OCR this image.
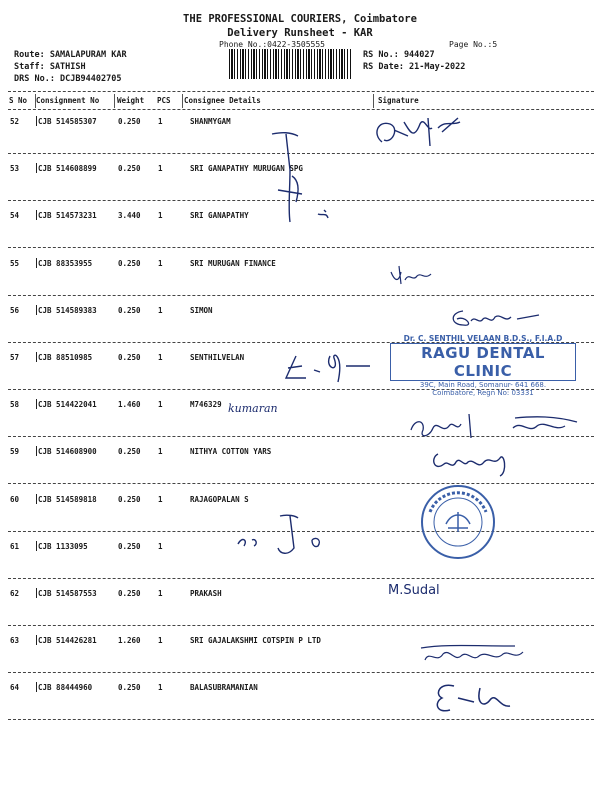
THE PROFESSIONAL COURIERS, Coimbatore
Delivery Runsheet - KAR
Phone No.:0422-3505555	Page No.:5
Route: SAMALAPURAM KAR
Staff: SATHISH
DRS No.: DCJB94402705
RS No.: 944027
RS Date: 21-May-2022
S No Consignment No Weight PCS Consignee Details	Signature
52	CJB 514585307	0.250 1	SHANMYGAM
53	CJB 514608899	0.250 1	SRI GANAPATHY MURUGAN SPG
54	CJB 514573231	3.440 1	SRI GANAPATHY
55	CJB 88353955	0.250 1	SRI MURUGAN FINANCE
56	CJB 514589383	0.250 1	SIMON
57	CJB 88510985	0.250 1	SENTHILVELAN
58	CJB 514422041	1.460 1	M746329
59	CJB 514608900	0.250 1	NITHYA COTTON YARS
60	CJB 514589818	0.250 1	RAJAGOPALAN S
61	CJB 1133095	0.250 1
62	CJB 514587553	0.250 1	PRAKASH
63	CJB 514426281	1.260 1	SRI GAJALAKSHMI COTSPIN P LTD
64	CJB 88444960	0.250 1	BALASUBRAMANIAN
kumaran
M.Sudal
Dr. C. SENTHIL VELAAN B.D.S., F.I.A.D
RAGU DENTAL CLINIC
39C, Main Road, Somanur- 641 668.
Coimbatore, Regn No: 03331
